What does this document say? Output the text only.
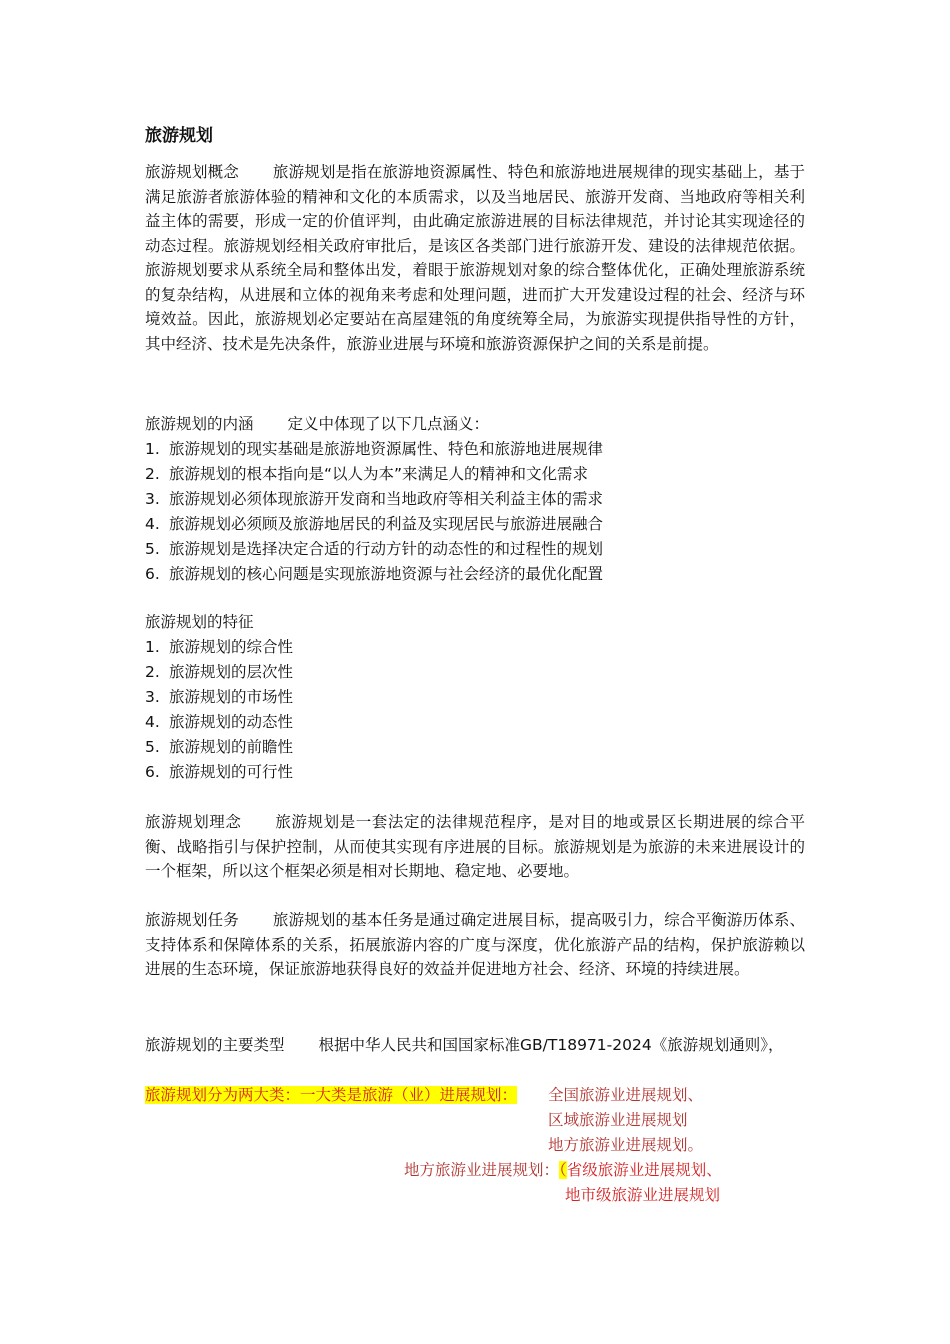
旅游规划

旅游规划概念 旅游规划是指在旅游地资源属性、特色和旅游地进展规律的现实基础上，基于满足旅游者旅游体验的精神和文化的本质需求，以及当地居民、旅游开发商、当地政府等相关利益主体的需要，形成一定的价值评判，由此确定旅游进展的目标法律规范，并讨论其实现途径的动态过程。旅游规划经相关政府审批后，是该区各类部门进行旅游开发、建设的法律规范依据。旅游规划要求从系统全局和整体出发，着眼于旅游规划对象的综合整体优化，正确处理旅游系统的复杂结构，从进展和立体的视角来考虑和处理问题，进而扩大开发建设过程的社会、经济与环境效益。因此，旅游规划必定要站在高屋建瓴的角度统筹全局，为旅游实现提供指导性的方针，其中经济、技术是先决条件，旅游业进展与环境和旅游资源保护之间的关系是前提。

旅游规划的内涵 定义中体现了以下几点涵义：
1. 旅游规划的现实基础是旅游地资源属性、特色和旅游地进展规律
2. 旅游规划的根本指向是“以人为本”来满足人的精神和文化需求
3. 旅游规划必须体现旅游开发商和当地政府等相关利益主体的需求
4. 旅游规划必须顾及旅游地居民的利益及实现居民与旅游进展融合
5. 旅游规划是选择决定合适的行动方针的动态性的和过程性的规划
6. 旅游规划的核心问题是实现旅游地资源与社会经济的最优化配置
旅游规划的特征
1. 旅游规划的综合性
2. 旅游规划的层次性
3. 旅游规划的市场性
4. 旅游规划的动态性
5. 旅游规划的前瞻性
6. 旅游规划的可行性

旅游规划理念 旅游规划是一套法定的法律规范程序，是对目的地或景区长期进展的综合平衡、战略指引与保护控制，从而使其实现有序进展的目标。旅游规划是为旅游的未来进展设计的一个框架，所以这个框架必须是相对长期地、稳定地、必要地。

旅游规划任务 旅游规划的基本任务是通过确定进展目标，提高吸引力，综合平衡游历体系、支持体系和保障体系的关系，拓展旅游内容的广度与深度，优化旅游产品的结构，保护旅游赖以进展的生态环境，保证旅游地获得良好的效益并促进地方社会、经济、环境的持续进展。

旅游规划的主要类型 根据中华人民共和国国家标准GB/T18971-2024《旅游规划通则》，
旅游规划分为两大类：一大类是旅游（业）进展规划： 全国旅游业进展规划、
区域旅游业进展规划
地方旅游业进展规划。
地方旅游业进展规划：（省级旅游业进展规划、
地市级旅游业进展规划
